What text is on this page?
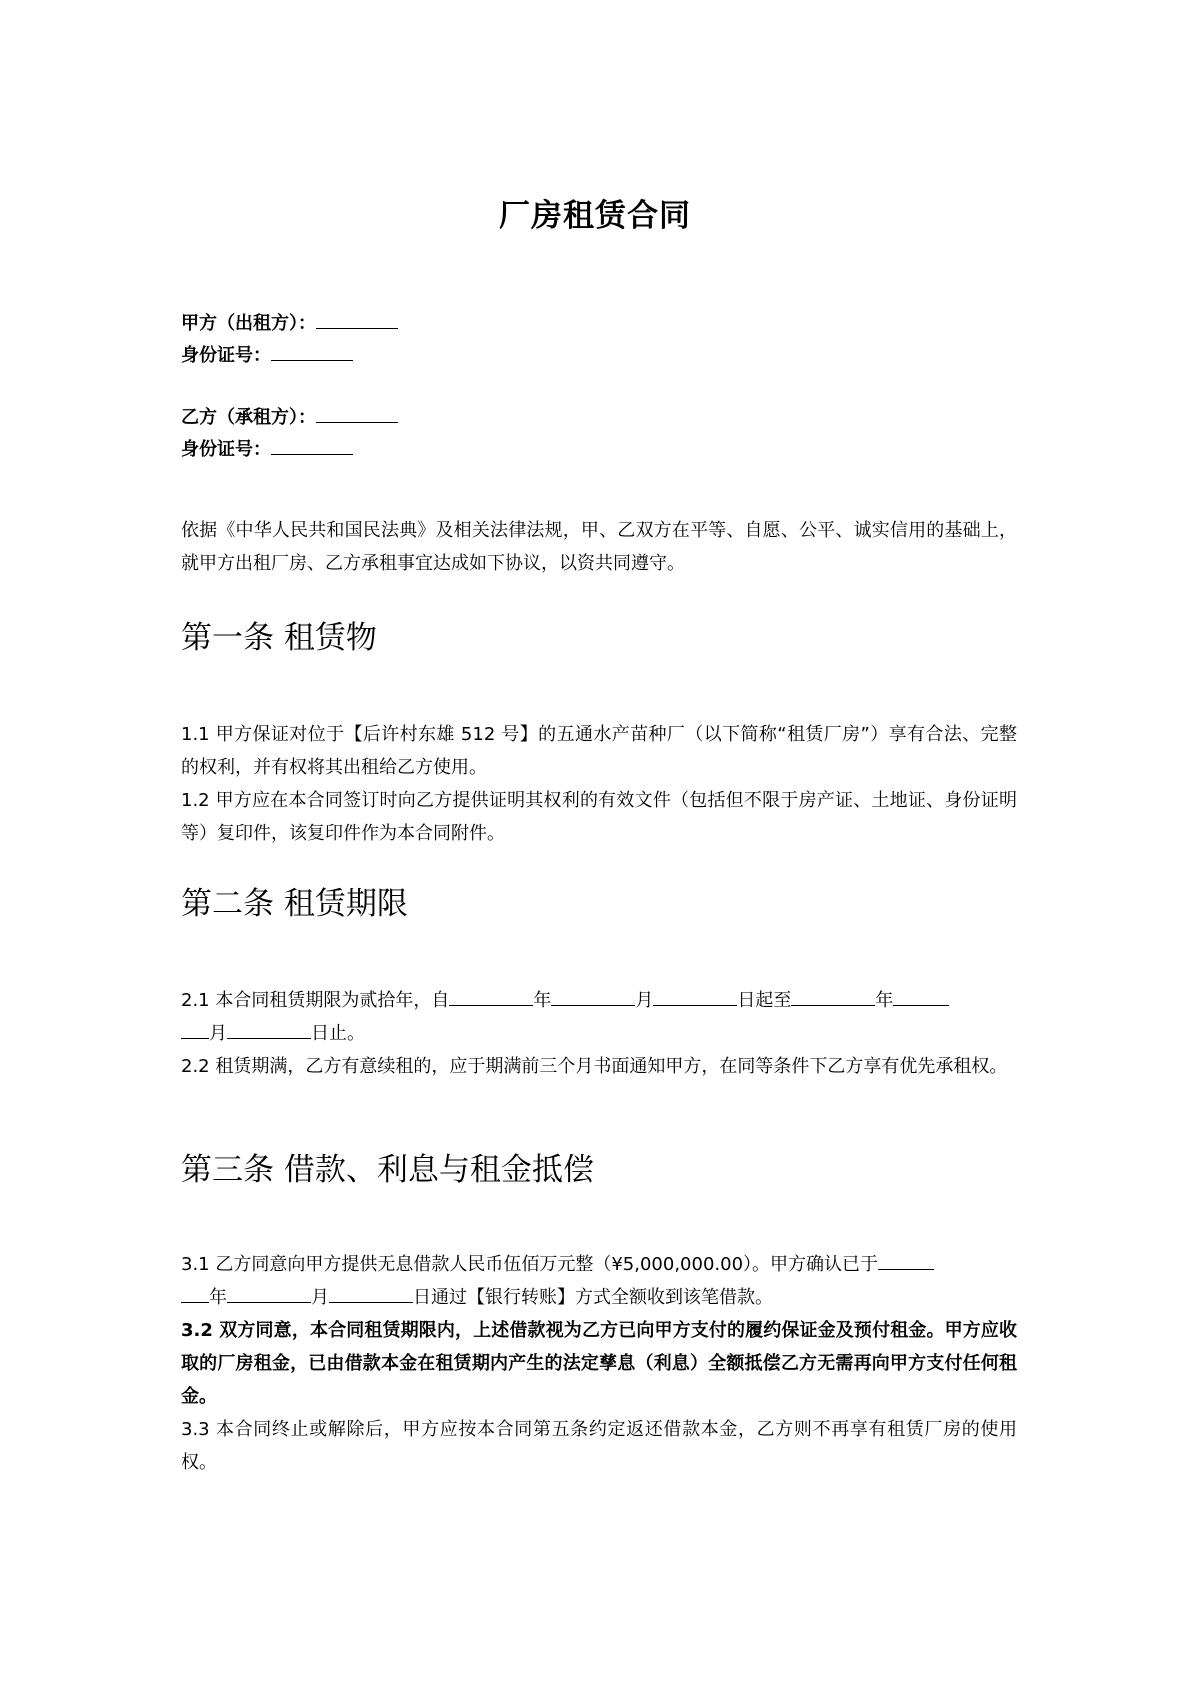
厂房租赁合同
甲方（出租方）：
身份证号：
乙方（承租方）：
身份证号：
依据《中华人民共和国民法典》及相关法律法规，甲、乙双方在平等、自愿、公平、诚实信用的基础上，就甲方出租厂房、乙方承租事宜达成如下协议，以资共同遵守。
第一条 租赁物
1.1 甲方保证对位于【后许村东雄 512 号】的五通水产苗种厂（以下简称“租赁厂房”）享有合法、完整的权利，并有权将其出租给乙方使用。
1.2 甲方应在本合同签订时向乙方提供证明其权利的有效文件（包括但不限于房产证、土地证、身份证明等）复印件，该复印件作为本合同附件。
第二条 租赁期限
2.1 本合同租赁期限为贰拾年，自	年	月	日起至	年
月	日止。
2.2 租赁期满，乙方有意续租的，应于期满前三个月书面通知甲方，在同等条件下乙方享有优先承租权。
第三条 借款、利息与租金抵偿
3.1 乙方同意向甲方提供无息借款人民币伍佰万元整（¥5,000,000.00）。甲方确认已于
年	月	日通过【银行转账】方式全额收到该笔借款。
3.2 双方同意，本合同租赁期限内，上述借款视为乙方已向甲方支付的履约保证金及预付租金。甲方应收取的厂房租金，已由借款本金在租赁期内产生的法定孳息（利息）全额抵偿乙方无需再向甲方支付任何租金。
3.3 本合同终止或解除后，甲方应按本合同第五条约定返还借款本金，乙方则不再享有租赁厂房的使用权。
